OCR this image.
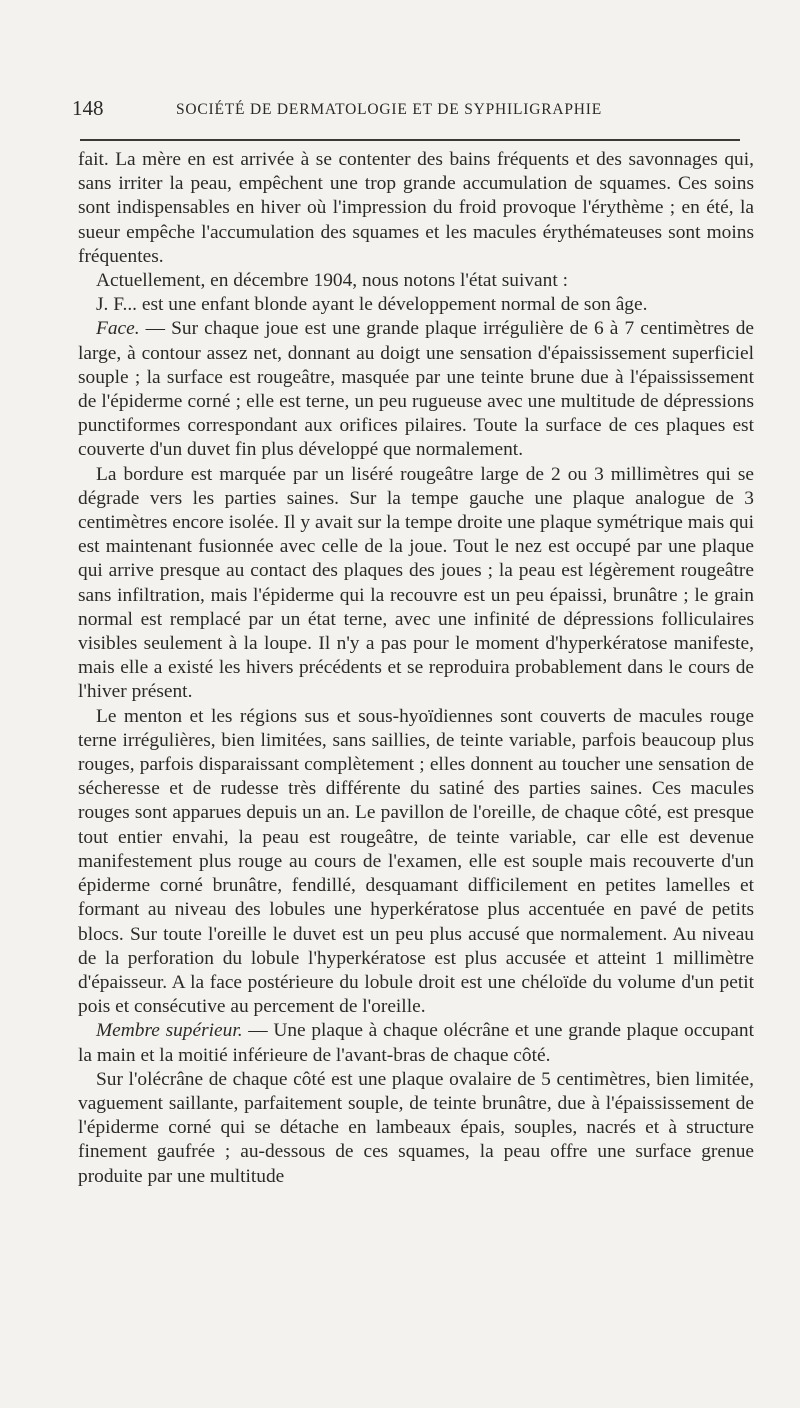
148	SOCIÉTÉ DE DERMATOLOGIE ET DE SYPHILIGRAPHIE

fait. La mère en est arrivée à se contenter des bains fréquents et des savonnages qui, sans irriter la peau, empêchent une trop grande accumulation de squames. Ces soins sont indispensables en hiver où l'impression du froid provoque l'érythème ; en été, la sueur empêche l'accumulation des squames et les macules érythémateuses sont moins fréquentes.

Actuellement, en décembre 1904, nous notons l'état suivant :

J. F... est une enfant blonde ayant le développement normal de son âge.

Face. — Sur chaque joue est une grande plaque irrégulière de 6 à 7 centimètres de large, à contour assez net, donnant au doigt une sensation d'épaississement superficiel souple ; la surface est rougeâtre, masquée par une teinte brune due à l'épaississement de l'épiderme corné ; elle est terne, un peu rugueuse avec une multitude de dépressions punctiformes correspondant aux orifices pilaires. Toute la surface de ces plaques est couverte d'un duvet fin plus développé que normalement.

La bordure est marquée par un liséré rougeâtre large de 2 ou 3 millimètres qui se dégrade vers les parties saines. Sur la tempe gauche une plaque analogue de 3 centimètres encore isolée. Il y avait sur la tempe droite une plaque symétrique mais qui est maintenant fusionnée avec celle de la joue. Tout le nez est occupé par une plaque qui arrive presque au contact des plaques des joues ; la peau est légèrement rougeâtre sans infiltration, mais l'épiderme qui la recouvre est un peu épaissi, brunâtre ; le grain normal est remplacé par un état terne, avec une infinité de dépressions folliculaires visibles seulement à la loupe. Il n'y a pas pour le moment d'hyperkératose manifeste, mais elle a existé les hivers précédents et se reproduira probablement dans le cours de l'hiver présent.

Le menton et les régions sus et sous-hyoïdiennes sont couverts de macules rouge terne irrégulières, bien limitées, sans saillies, de teinte variable, parfois beaucoup plus rouges, parfois disparaissant complètement ; elles donnent au toucher une sensation de sécheresse et de rudesse très différente du satiné des parties saines. Ces macules rouges sont apparues depuis un an. Le pavillon de l'oreille, de chaque côté, est presque tout entier envahi, la peau est rougeâtre, de teinte variable, car elle est devenue manifestement plus rouge au cours de l'examen, elle est souple mais recouverte d'un épiderme corné brunâtre, fendillé, desquamant difficilement en petites lamelles et formant au niveau des lobules une hyperkératose plus accentuée en pavé de petits blocs. Sur toute l'oreille le duvet est un peu plus accusé que normalement. Au niveau de la perforation du lobule l'hyperkératose est plus accusée et atteint 1 millimètre d'épaisseur. A la face postérieure du lobule droit est une chéloïde du volume d'un petit pois et consécutive au percement de l'oreille.

Membre supérieur. — Une plaque à chaque olécrâne et une grande plaque occupant la main et la moitié inférieure de l'avant-bras de chaque côté.

Sur l'olécrâne de chaque côté est une plaque ovalaire de 5 centimètres, bien limitée, vaguement saillante, parfaitement souple, de teinte brunâtre, due à l'épaississement de l'épiderme corné qui se détache en lambeaux épais, souples, nacrés et à structure finement gaufrée ; au-dessous de ces squames, la peau offre une surface grenue produite par une multitude
